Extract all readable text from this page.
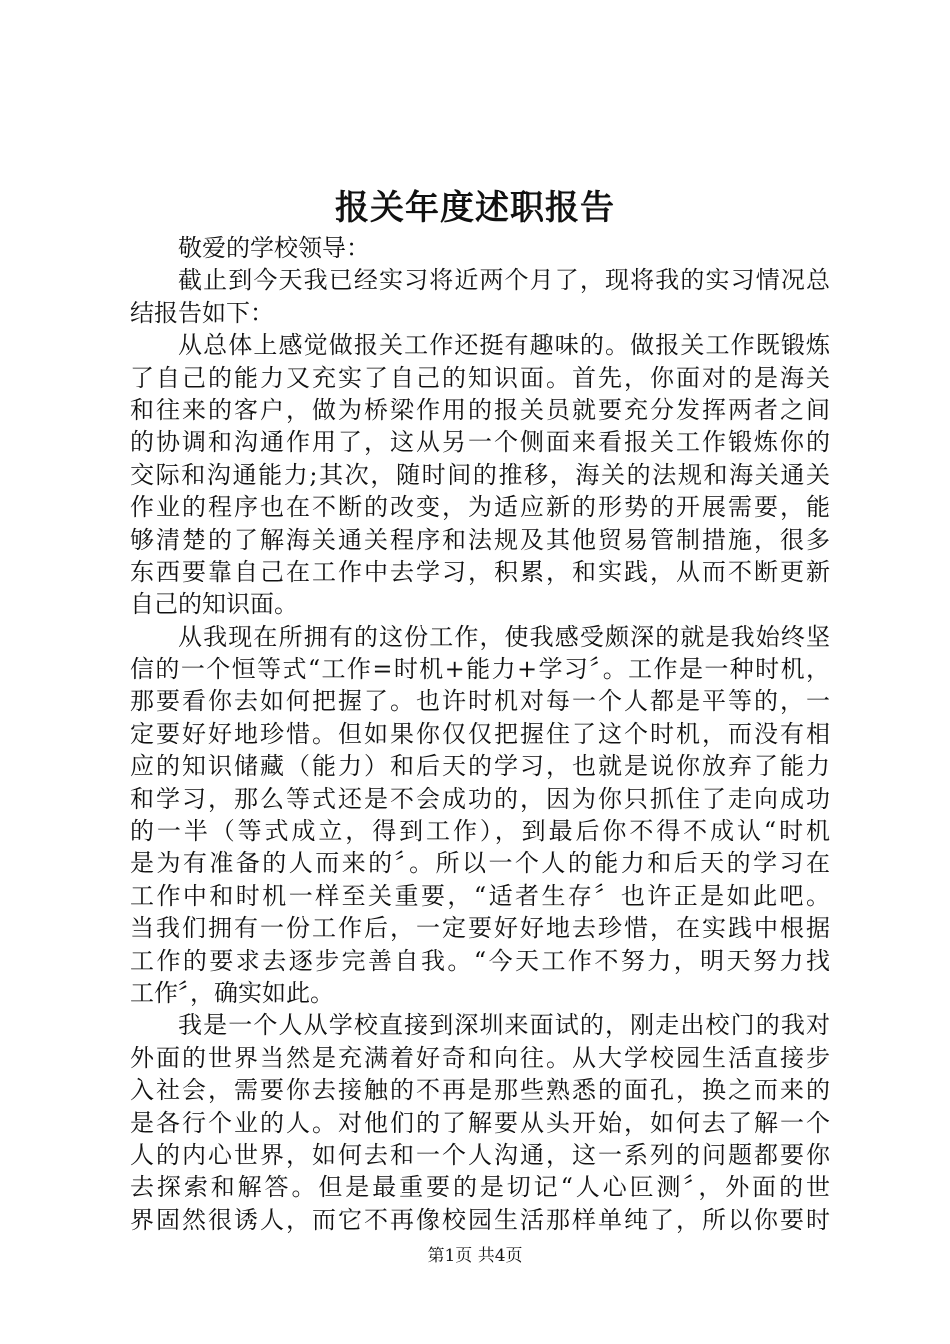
报关年度述职报告
敬爱的学校领导：
截止到今天我已经实习将近两个月了，现将我的实习情况总
结报告如下：
从总体上感觉做报关工作还挺有趣味的。做报关工作既锻炼
了自己的能力又充实了自己的知识面。首先，你面对的是海关
和往来的客户，做为桥梁作用的报关员就要充分发挥两者之间
的协调和沟通作用了，这从另一个侧面来看报关工作锻炼你的
交际和沟通能力;其次，随时间的推移，海关的法规和海关通关
作业的程序也在不断的改变，为适应新的形势的开展需要，能
够清楚的了解海关通关程序和法规及其他贸易管制措施，很多
东西要靠自己在工作中去学习，积累，和实践，从而不断更新
自己的知识面。
从我现在所拥有的这份工作，使我感受颇深的就是我始终坚
信的一个恒等式“工作=时机+能力+学习〞。工作是一种时机，
那要看你去如何把握了。也许时机对每一个人都是平等的，一
定要好好地珍惜。但如果你仅仅把握住了这个时机，而没有相
应的知识储藏（能力）和后天的学习，也就是说你放弃了能力
和学习，那么等式还是不会成功的，因为你只抓住了走向成功
的一半（等式成立，得到工作），到最后你不得不成认“时机
是为有准备的人而来的〞。所以一个人的能力和后天的学习在
工作中和时机一样至关重要，“适者生存〞也许正是如此吧。
当我们拥有一份工作后，一定要好好地去珍惜，在实践中根据
工作的要求去逐步完善自我。“今天工作不努力，明天努力找
工作〞，确实如此。
我是一个人从学校直接到深圳来面试的，刚走出校门的我对
外面的世界当然是充满着好奇和向往。从大学校园生活直接步
入社会，需要你去接触的不再是那些熟悉的面孔，换之而来的
是各行个业的人。对他们的了解要从头开始，如何去了解一个
人的内心世界，如何去和一个人沟通，这一系列的问题都要你
去探索和解答。但是最重要的是切记“人心叵测〞，外面的世
界固然很诱人，而它不再像校园生活那样单纯了，所以你要时
第1页 共4页
